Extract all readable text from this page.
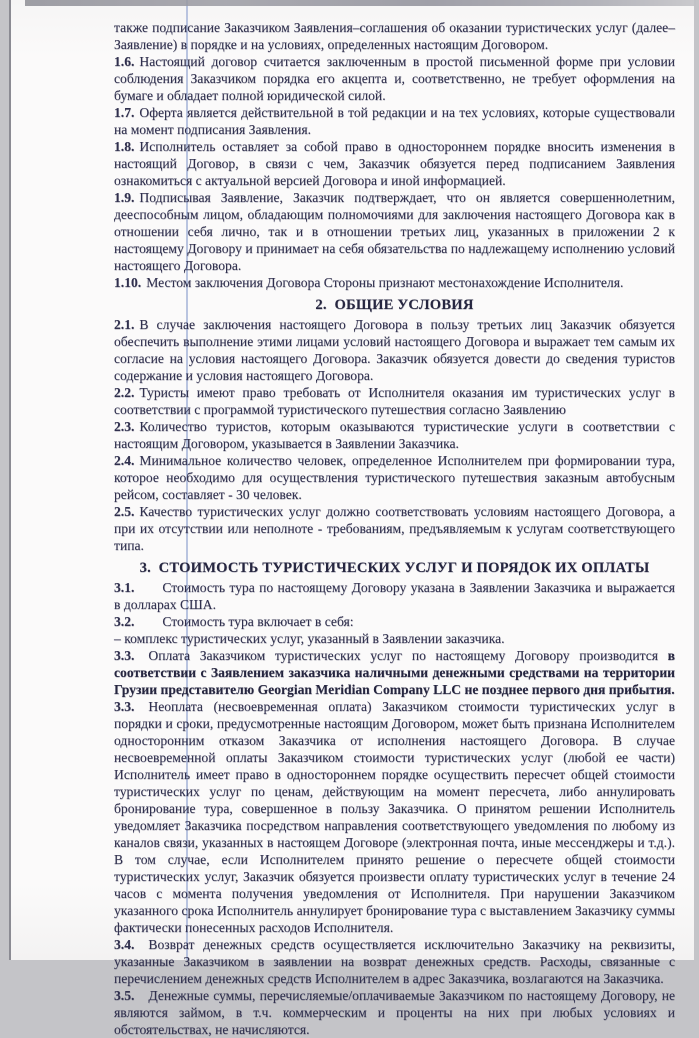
также подписание Заказчиком Заявления–соглашения об оказании туристических услуг (далее– Заявление) в порядке и на условиях, определенных настоящим Договором.

1.6. Настоящий договор считается заключенным в простой письменной форме при условии соблюдения Заказчиком порядка его акцепта и, соответственно, не требует оформления на бумаге и обладает полной юридической силой.

1.7. Оферта является действительной в той редакции и на тех условиях, которые существовали на момент подписания Заявления.

1.8. Исполнитель оставляет за собой право в одностороннем порядке вносить изменения в настоящий Договор, в связи с чем, Заказчик обязуется перед подписанием Заявления ознакомиться с актуальной версией Договора и иной информацией.

1.9. Подписывая Заявление, Заказчик подтверждает, что он является совершеннолетним, дееспособным лицом, обладающим полномочиями для заключения настоящего Договора как в отношении себя лично, так и в отношении третьих лиц, указанных в приложении 2 к настоящему Договору и принимает на себя обязательства по надлежащему исполнению условий настоящего Договора.

1.10. Местом заключения Договора Стороны признают местонахождение Исполнителя.

2.  ОБЩИЕ УСЛОВИЯ

2.1. В случае заключения настоящего Договора в пользу третьих лиц Заказчик обязуется обеспечить выполнение этими лицами условий настоящего Договора и выражает тем самым их согласие на условия настоящего Договора. Заказчик обязуется довести до сведения туристов содержание и условия настоящего Договора.

2.2. Туристы имеют право требовать от Исполнителя оказания им туристических услуг в соответствии с программой туристического путешествия согласно Заявлению

2.3. Количество туристов, которым оказываются туристические услуги в соответствии с настоящим Договором, указывается в Заявлении Заказчика.

2.4. Минимальное количество человек, определенное Исполнителем при формировании тура, которое необходимо для осуществления туристического путешествия заказным автобусным рейсом, составляет - 30 человек.

2.5. Качество туристических услуг должно соответствовать условиям настоящего Договора, а при их отсутствии или неполноте - требованиям, предъявляемым к услугам соответствующего типа.

3.  СТОИМОСТЬ ТУРИСТИЧЕСКИХ УСЛУГ И ПОРЯДОК ИХ ОПЛАТЫ

3.1. Стоимость тура по настоящему Договору указана в Заявлении Заказчика и выражается в долларах США.

3.2. Стоимость тура включает в себя:

– комплекс туристических услуг, указанный в Заявлении заказчика.

3.3. Оплата Заказчиком туристических услуг по настоящему Договору производится в соответствии с Заявлением заказчика наличными денежными средствами на территории Грузии представителю Georgian Meridian Company LLC не позднее первого дня прибытия.

3.3. Неоплата (несвоевременная оплата) Заказчиком стоимости туристических услуг в порядки и сроки, предусмотренные настоящим Договором, может быть признана Исполнителем односторонним отказом Заказчика от исполнения настоящего Договора. В случае несвоевременной оплаты Заказчиком стоимости туристических услуг (любой ее части) Исполнитель имеет право в одностороннем порядке осуществить пересчет общей стоимости туристических услуг по ценам, действующим на момент пересчета, либо аннулировать бронирование тура, совершенное в пользу Заказчика. О принятом решении Исполнитель уведомляет Заказчика посредством направления соответствующего уведомления по любому из каналов связи, указанных в настоящем Договоре (электронная почта, иные мессенджеры и т.д.). В том случае, если Исполнителем принято решение о пересчете общей стоимости туристических услуг, Заказчик обязуется произвести оплату туристических услуг в течение 24 часов с момента получения уведомления от Исполнителя. При нарушении Заказчиком указанного срока Исполнитель аннулирует бронирование тура с выставлением Заказчику суммы фактически понесенных расходов Исполнителя.

3.4. Возврат денежных средств осуществляется исключительно Заказчику на реквизиты, указанные Заказчиком в заявлении на возврат денежных средств. Расходы, связанные с перечислением денежных средств Исполнителем в адрес Заказчика, возлагаются на Заказчика.

3.5. Денежные суммы, перечисляемые/оплачиваемые Заказчиком по настоящему Договору, не являются займом, в т.ч. коммерческим и проценты на них при любых условиях и обстоятельствах, не начисляются.
